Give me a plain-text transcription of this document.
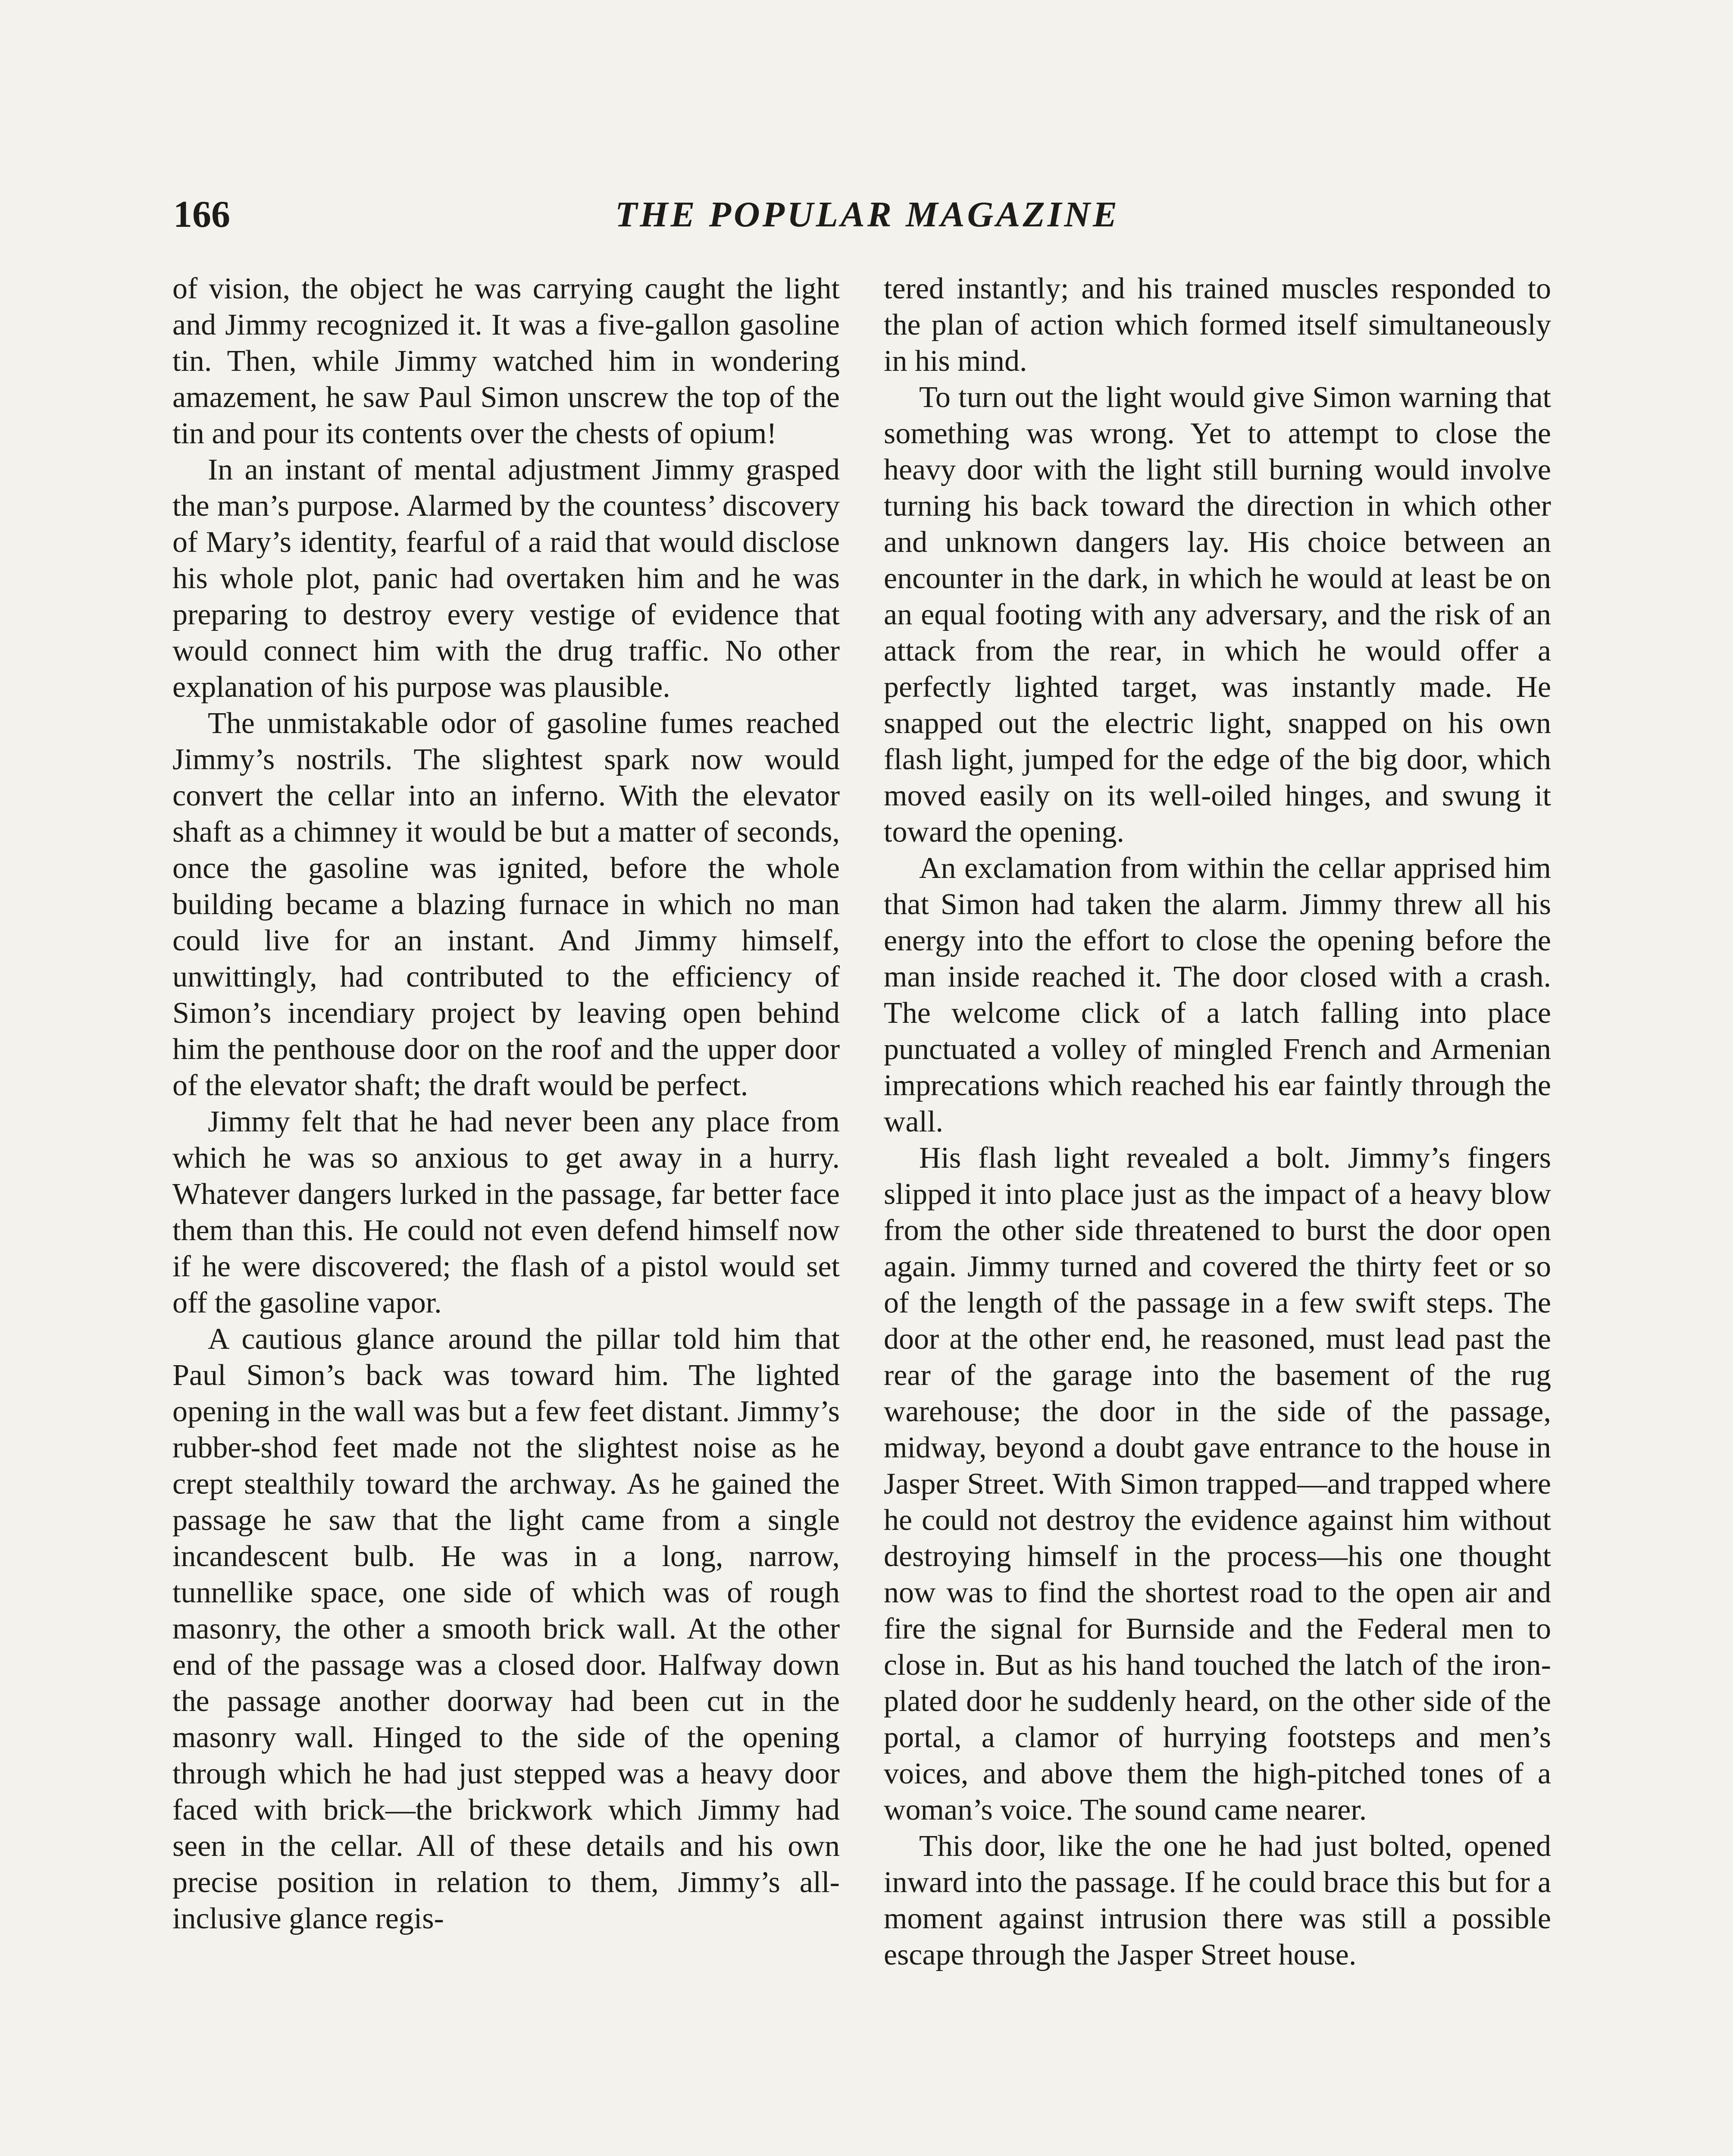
166	THE POPULAR MAGAZINE

of vision, the object he was carrying caught the light and Jimmy recognized it. It was a five-gallon gasoline tin. Then, while Jimmy watched him in wondering amazement, he saw Paul Simon unscrew the top of the tin and pour its contents over the chests of opium!

In an instant of mental adjustment Jimmy grasped the man’s purpose. Alarmed by the countess’ discovery of Mary’s identity, fearful of a raid that would disclose his whole plot, panic had overtaken him and he was preparing to destroy every vestige of evidence that would connect him with the drug traffic. No other explanation of his purpose was plausible.

The unmistakable odor of gasoline fumes reached Jimmy’s nostrils. The slightest spark now would convert the cellar into an inferno. With the elevator shaft as a chimney it would be but a matter of seconds, once the gasoline was ignited, before the whole building became a blazing furnace in which no man could live for an instant. And Jimmy himself, unwittingly, had contributed to the efficiency of Simon’s incendiary project by leaving open behind him the penthouse door on the roof and the upper door of the elevator shaft; the draft would be perfect.

Jimmy felt that he had never been any place from which he was so anxious to get away in a hurry. Whatever dangers lurked in the passage, far better face them than this. He could not even defend himself now if he were discovered; the flash of a pistol would set off the gasoline vapor.

A cautious glance around the pillar told him that Paul Simon’s back was toward him. The lighted opening in the wall was but a few feet distant. Jimmy’s rubber-shod feet made not the slightest noise as he crept stealthily toward the archway. As he gained the passage he saw that the light came from a single incandescent bulb. He was in a long, narrow, tunnellike space, one side of which was of rough masonry, the other a smooth brick wall. At the other end of the passage was a closed door. Halfway down the passage another doorway had been cut in the masonry wall. Hinged to the side of the opening through which he had just stepped was a heavy door faced with brick—the brickwork which Jimmy had seen in the cellar. All of these details and his own precise position in relation to them, Jimmy’s all-inclusive glance regis-

tered instantly; and his trained muscles responded to the plan of action which formed itself simultaneously in his mind.

To turn out the light would give Simon warning that something was wrong. Yet to attempt to close the heavy door with the light still burning would involve turning his back toward the direction in which other and unknown dangers lay. His choice between an encounter in the dark, in which he would at least be on an equal footing with any adversary, and the risk of an attack from the rear, in which he would offer a perfectly lighted target, was instantly made. He snapped out the electric light, snapped on his own flash light, jumped for the edge of the big door, which moved easily on its well-oiled hinges, and swung it toward the opening.

An exclamation from within the cellar apprised him that Simon had taken the alarm. Jimmy threw all his energy into the effort to close the opening before the man inside reached it. The door closed with a crash. The welcome click of a latch falling into place punctuated a volley of mingled French and Armenian imprecations which reached his ear faintly through the wall.

His flash light revealed a bolt. Jimmy’s fingers slipped it into place just as the impact of a heavy blow from the other side threatened to burst the door open again. Jimmy turned and covered the thirty feet or so of the length of the passage in a few swift steps. The door at the other end, he reasoned, must lead past the rear of the garage into the basement of the rug warehouse; the door in the side of the passage, midway, beyond a doubt gave entrance to the house in Jasper Street. With Simon trapped—and trapped where he could not destroy the evidence against him without destroying himself in the process—his one thought now was to find the shortest road to the open air and fire the signal for Burnside and the Federal men to close in. But as his hand touched the latch of the iron-plated door he suddenly heard, on the other side of the portal, a clamor of hurrying footsteps and men’s voices, and above them the high-pitched tones of a woman’s voice. The sound came nearer.

This door, like the one he had just bolted, opened inward into the passage. If he could brace this but for a moment against intrusion there was still a possible escape through the Jasper Street house.
